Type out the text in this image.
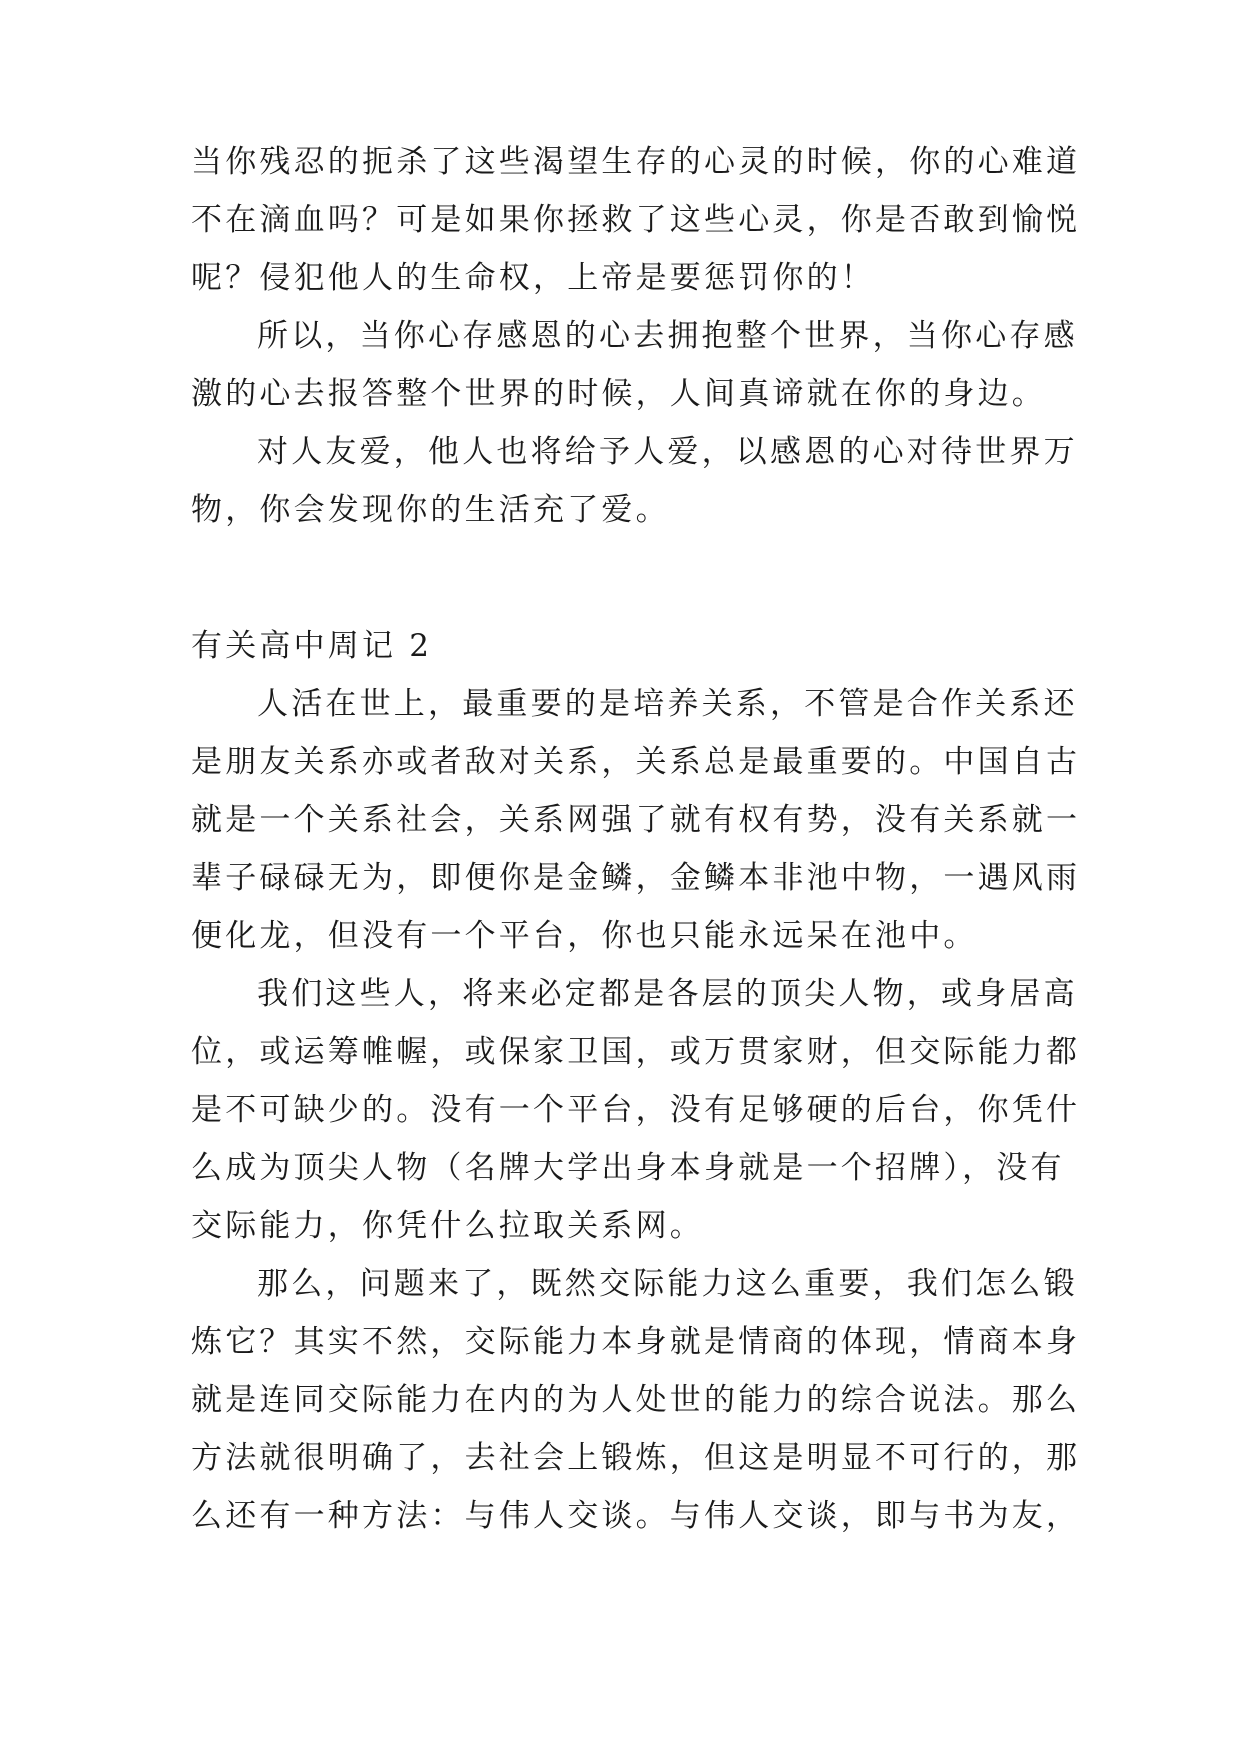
当你残忍的扼杀了这些渴望生存的心灵的时候，你的心难道
不在滴血吗？可是如果你拯救了这些心灵，你是否敢到愉悦
呢？侵犯他人的生命权，上帝是要惩罚你的！
所以，当你心存感恩的心去拥抱整个世界，当你心存感
激的心去报答整个世界的时候，人间真谛就在你的身边。
对人友爱，他人也将给予人爱，以感恩的心对待世界万
物，你会发现你的生活充了爱。
有关高中周记 2
人活在世上，最重要的是培养关系，不管是合作关系还
是朋友关系亦或者敌对关系，关系总是最重要的。中国自古
就是一个关系社会，关系网强了就有权有势，没有关系就一
辈子碌碌无为，即便你是金鳞，金鳞本非池中物，一遇风雨
便化龙，但没有一个平台，你也只能永远呆在池中。
我们这些人，将来必定都是各层的顶尖人物，或身居高
位，或运筹帷幄，或保家卫国，或万贯家财，但交际能力都
是不可缺少的。没有一个平台，没有足够硬的后台，你凭什
么成为顶尖人物（名牌大学出身本身就是一个招牌），没有
交际能力，你凭什么拉取关系网。
那么，问题来了，既然交际能力这么重要，我们怎么锻
炼它？其实不然，交际能力本身就是情商的体现，情商本身
就是连同交际能力在内的为人处世的能力的综合说法。那么
方法就很明确了，去社会上锻炼，但这是明显不可行的，那
么还有一种方法：与伟人交谈。与伟人交谈，即与书为友，
